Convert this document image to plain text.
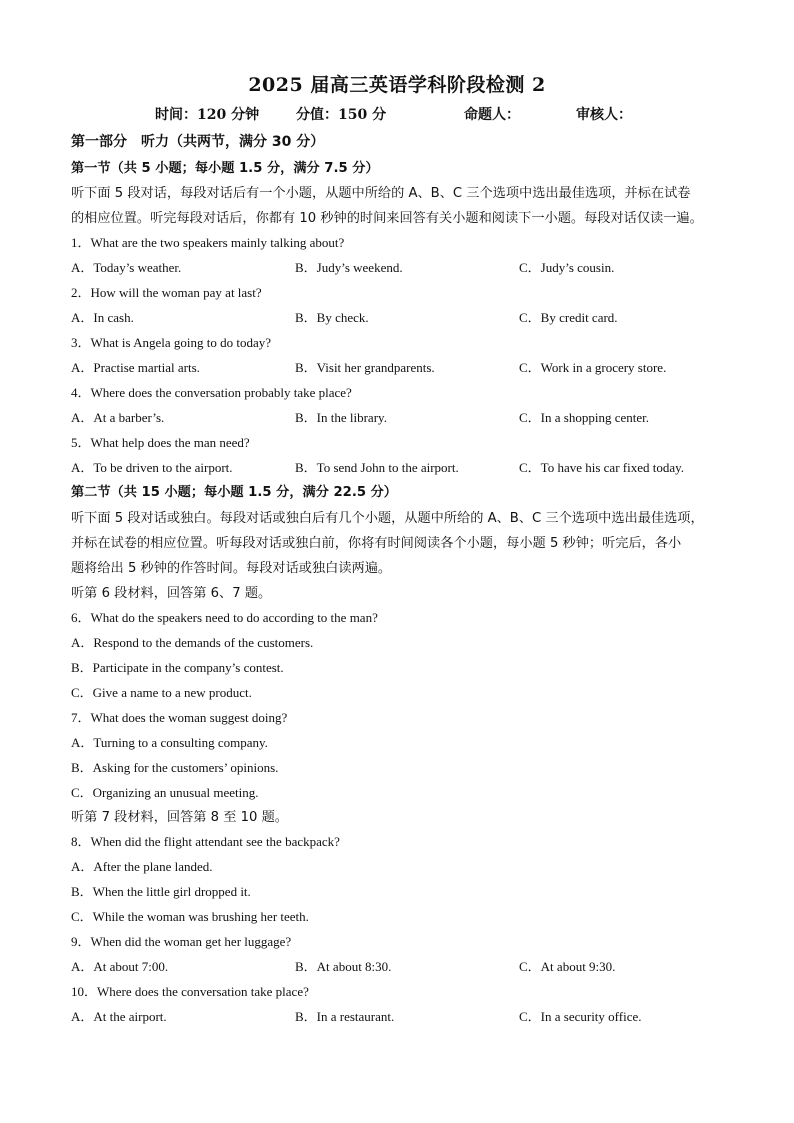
2025 届高三英语学科阶段检测 2
时间：120 分钟	分值：150 分	命题人：	审核人：
第一部分　听力（共两节，满分 30 分）
第一节（共 5 小题；每小题 1.5 分，满分 7.5 分）
听下面 5 段对话，每段对话后有一个小题，从题中所给的 A、B、C 三个选项中选出最佳选项，并标在试卷
的相应位置。听完每段对话后，你都有 10 秒钟的时间来回答有关小题和阅读下一小题。每段对话仅读一遍。
1．What are the two speakers mainly talking about?
A．Today’s weather.	B．Judy’s weekend.	C．Judy’s cousin.
2．How will the woman pay at last?
A．In cash.	B．By check.	C．By credit card.
3．What is Angela going to do today?
A．Practise martial arts.	B．Visit her grandparents.	C．Work in a grocery store.
4．Where does the conversation probably take place?
A．At a barber’s.	B．In the library.	C．In a shopping center.
5．What help does the man need?
A．To be driven to the airport.	B．To send John to the airport.	C．To have his car fixed today.
第二节（共 15 小题；每小题 1.5 分，满分 22.5 分）
听下面 5 段对话或独白。每段对话或独白后有几个小题，从题中所给的 A、B、C 三个选项中选出最佳选项，
并标在试卷的相应位置。听每段对话或独白前，你将有时间阅读各个小题，每小题 5 秒钟；听完后，各小
题将给出 5 秒钟的作答时间。每段对话或独白读两遍。
听第 6 段材料，回答第 6、7 题。
6．What do the speakers need to do according to the man?
A．Respond to the demands of the customers.
B．Participate in the company’s contest.
C．Give a name to a new product.
7．What does the woman suggest doing?
A．Turning to a consulting company.
B．Asking for the customers’ opinions.
C．Organizing an unusual meeting.
听第 7 段材料，回答第 8 至 10 题。
8．When did the flight attendant see the backpack?
A．After the plane landed.
B．When the little girl dropped it.
C．While the woman was brushing her teeth.
9．When did the woman get her luggage?
A．At about 7:00.	B．At about 8:30.	C．At about 9:30.
10．Where does the conversation take place?
A．At the airport.	B．In a restaurant.	C．In a security office.
